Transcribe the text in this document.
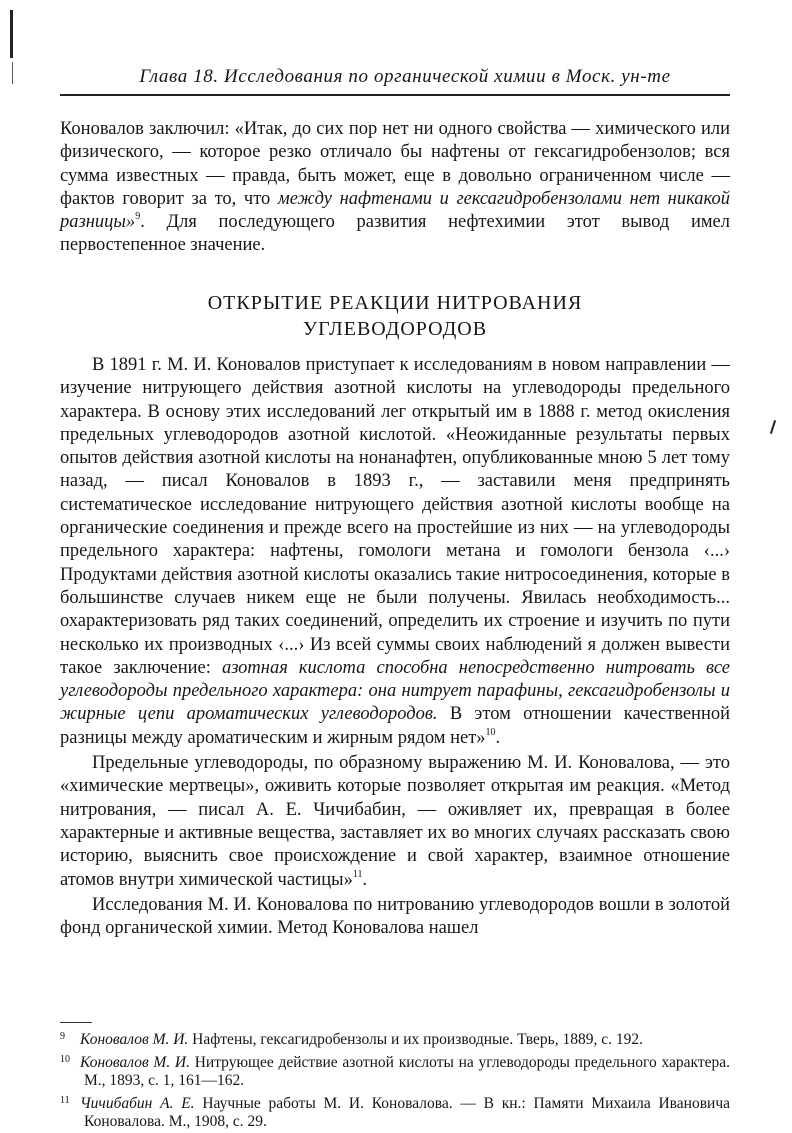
Глава 18. Исследования по органической химии в Моск. ун-те

Коновалов заключил: «Итак, до сих пор нет ни одного свойства — химического или физического, — которое резко отличало бы нафтены от гексагидробензолов; вся сумма известных — правда, быть может, еще в довольно ограниченном числе — фактов говорит за то, что между нафтенами и гексагидробензолами нет никакой разницы»$^9$. Для последующего развития нефтехимии этот вывод имел первостепенное значение.

ОТКРЫТИЕ РЕАКЦИИ НИТРОВАНИЯ
УГЛЕВОДОРОДОВ

В 1891 г. М. И. Коновалов приступает к исследованиям в новом направлении — изучение нитрующего действия азотной кислоты на углеводороды предельного характера. В основу этих исследований лег открытый им в 1888 г. метод окисления предельных углеводородов азотной кислотой. «Неожиданные результаты первых опытов действия азотной кислоты на нонанафтен, опубликованные мною 5 лет тому назад, — писал Коновалов в 1893 г., — заставили меня предпринять систематическое исследование нитрующего действия азотной кислоты вообще на органические соединения и прежде всего на простейшие из них — на углеводороды предельного характера: нафтены, гомологи метана и гомологи бензола ‹...› Продуктами действия азотной кислоты оказались такие нитросоединения, которые в большинстве случаев никем еще не были получены. Явилась необходимость... охарактеризовать ряд таких соединений, определить их строение и изучить по пути несколько их производных ‹...› Из всей суммы своих наблюдений я должен вывести такое заключение: азотная кислота способна непосредственно нитровать все углеводороды предельного характера: она нитрует парафины, гексагидробензолы и жирные цепи ароматических углеводородов. В этом отношении качественной разницы между ароматическим и жирным рядом нет»$^{10}$.

Предельные углеводороды, по образному выражению М. И. Коновалова, — это «химические мертвецы», оживить которые позволяет открытая им реакция. «Метод нитрования, — писал А. Е. Чичибабин, — оживляет их, превращая в более характерные и активные вещества, заставляет их во многих случаях рассказать свою историю, выяснить свое происхождение и свой характер, взаимное отношение атомов внутри химической частицы»$^{11}$.

Исследования М. И. Коновалова по нитрованию углеводородов вошли в золотой фонд органической химии. Метод Коновалова нашел

9 Коновалов М. И. Нафтены, гексагидробензолы и их производные. Тверь, 1889, с. 192.

10 Коновалов М. И. Нитрующее действие азотной кислоты на углеводороды предельного характера. М., 1893, с. 1, 161—162.

11 Чичибабин А. Е. Научные работы М. И. Коновалова. — В кн.: Памяти Михаила Ивановича Коновалова. М., 1908, с. 29.
